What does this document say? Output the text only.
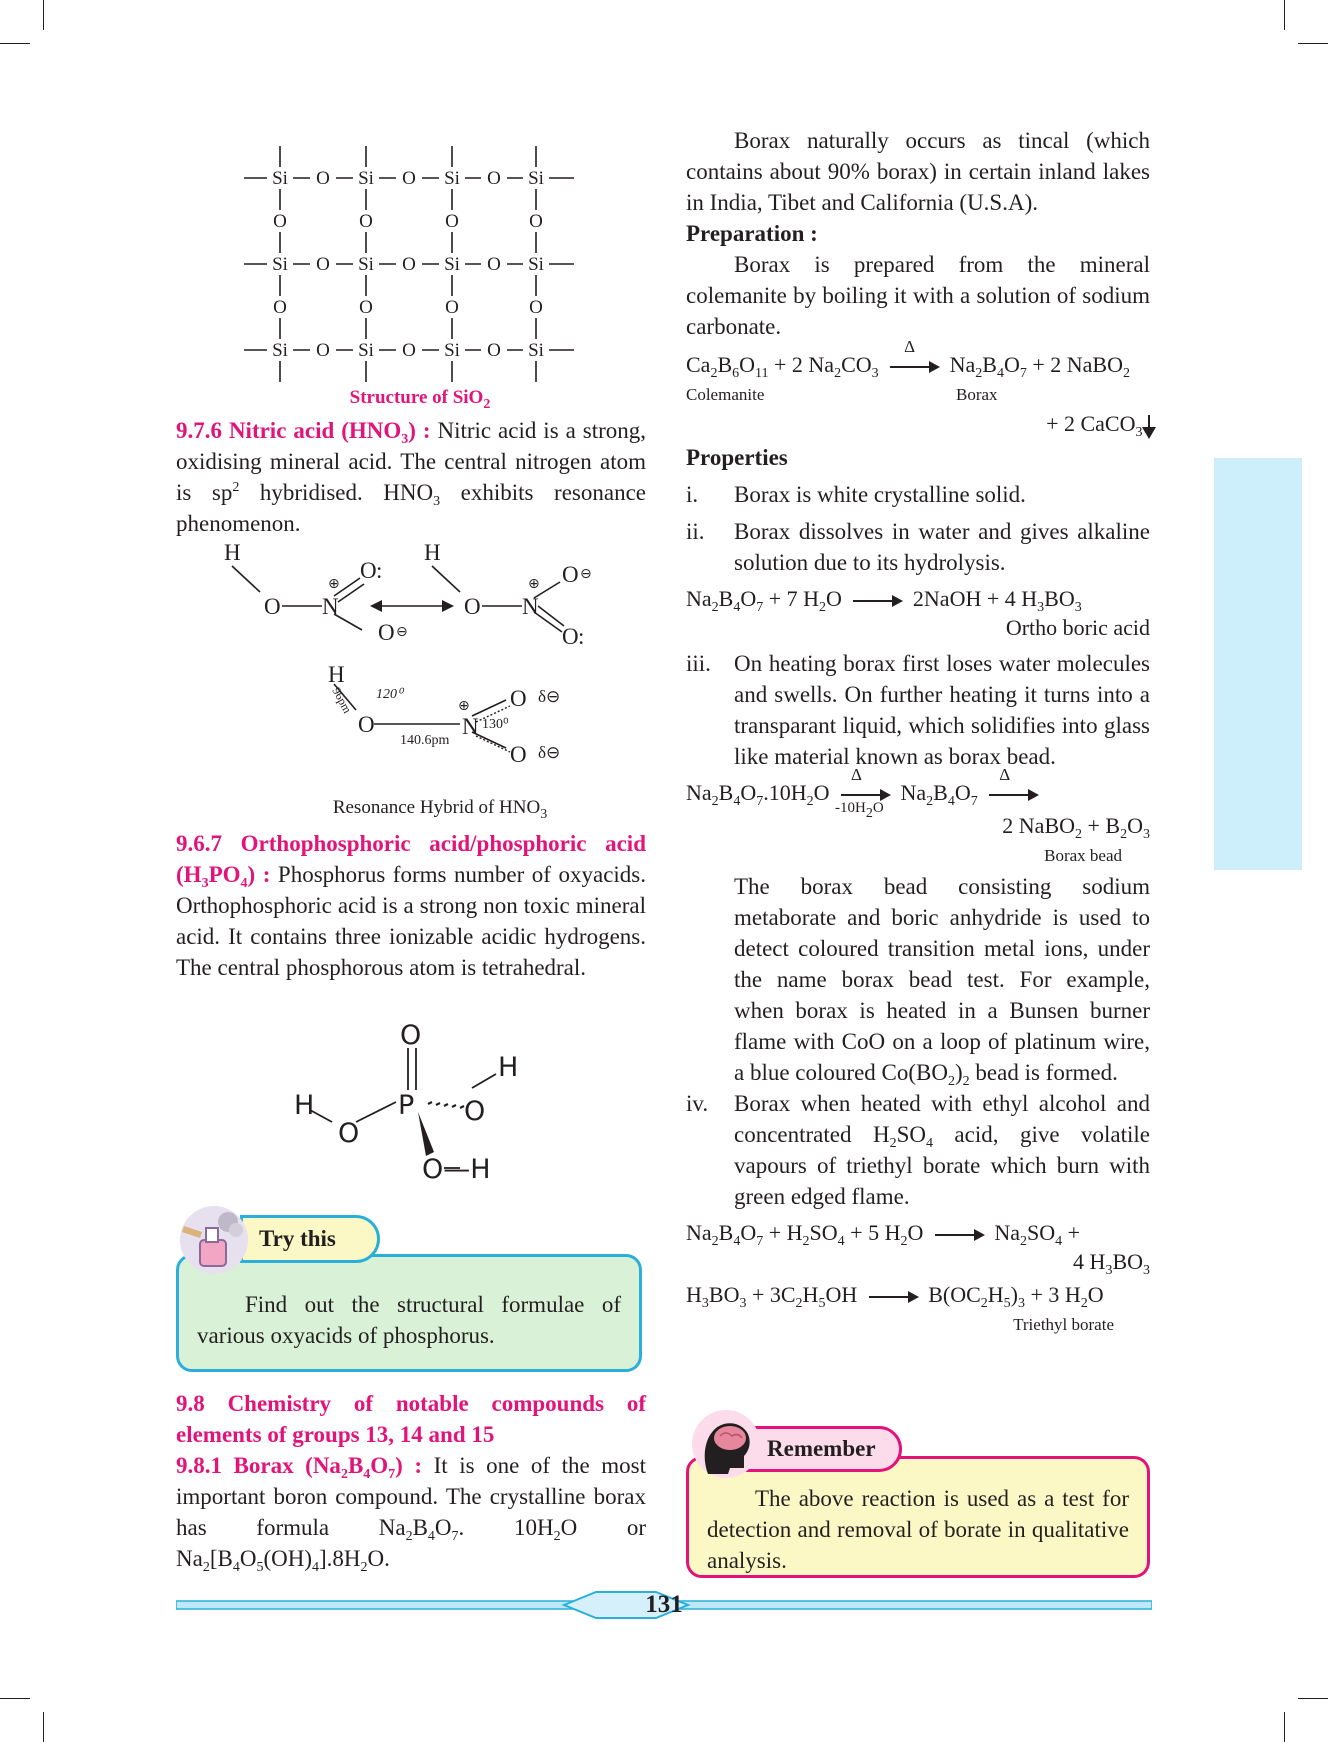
Si	Si	Si	Si
O	O	O
Si	Si	Si	Si
O	O	O
Si	Si	Si	Si
O	O	O
O	O	O	O
O	O	O	O
Structure of SiO$_2$

9.7.6 Nitric acid $(HNO_3)$ : Nitric acid is a strong, oxidising mineral acid. The central nitrogen atom is $sp^2$ hybridised. $HNO_3$ exhibits resonance phenomenon.

H
O N
O :
O
H
O N
O
O :
⊕
⊖
⊕
⊖
H
O	N
O
O
120⁰
130⁰
140.6pm
δ⊖
δ⊖
⊕
96pm
Resonance Hybrid of $HNO_3$

9.6.7 Orthophosphoric acid/phosphoric acid $(H_3PO_4)$ : Phosphorus forms number of oxyacids. Orthophosphoric acid is a strong non toxic mineral acid. It contains three ionizable acidic hydrogens. The central phosphorous atom is tetrahedral.

O
P
H
O
O
H
O—H

Find out the structural formulae of various oxyacids of phosphorus.

Try this

9.8 Chemistry of notable compounds of elements of groups 13, 14 and 15

9.8.1 Borax $(Na_2B_4O_7)$ : It is one of the most important boron compound. The crystalline borax has formula $Na_2B_4O_7$. $10H_2O$ or $Na_2[B_4O_5(OH)_4].8H_2O$.

Borax naturally occurs as tincal (which contains about 90% borax) in certain inland lakes in India, Tibet and California (U.S.A).

Preparation :

Borax is prepared from the mineral colemanite by boiling it with a solution of sodium carbonate.

$Ca_2B_6O_{11} + 2$ $Na_2CO_3$
Δ
$Na_2B_4O_7 + 2$ NaBO$_2$
Colemanite	Borax
+ 2 CaCO$_3$

Properties

i.	Borax is white crystalline solid.
ii.	Borax dissolves in water and gives alkaline solution due to its hydrolysis.
$Na_2B_4O_7 + 7$ $H_2O$ → 2NaOH + 4 $H_3BO_3$
Ortho boric acid
iii.	On heating borax first loses water molecules and swells. On further heating it turns into a transparant liquid, which solidifies into glass like material known as borax bead.
$Na_2B_4O_7.10H_2O \frac{\Delta}{-10H_2O} Na_2B_4O_7$
Δ
2 NaBO$_2$ + $B_2O_3$
Borax bead

The borax bead consisting sodium metaborate and boric anhydride is used to detect coloured transition metal ions, under the name borax bead test. For example, when borax is heated in a Bunsen burner flame with CoO on a loop of platinum wire, a blue coloured $Co(BO_2)_2$ bead is formed.

iv.	Borax when heated with ethyl alcohol and concentrated $H_2SO_4$ acid, give volatile vapours of triethyl borate which burn with green edged flame.
$Na_2B_4O_7 + H_2SO_4 + 5$ $H_2O \to Na_2SO_4$ +
4 $H_3BO_3$
$H_3BO_3 + 3C_2H_5OH \to B(OC_2H_5)_3 + 3$ $H_2O$
Triethyl borate

The above reaction is used as a test for detection and removal of borate in qualitative analysis.

Remember
131
